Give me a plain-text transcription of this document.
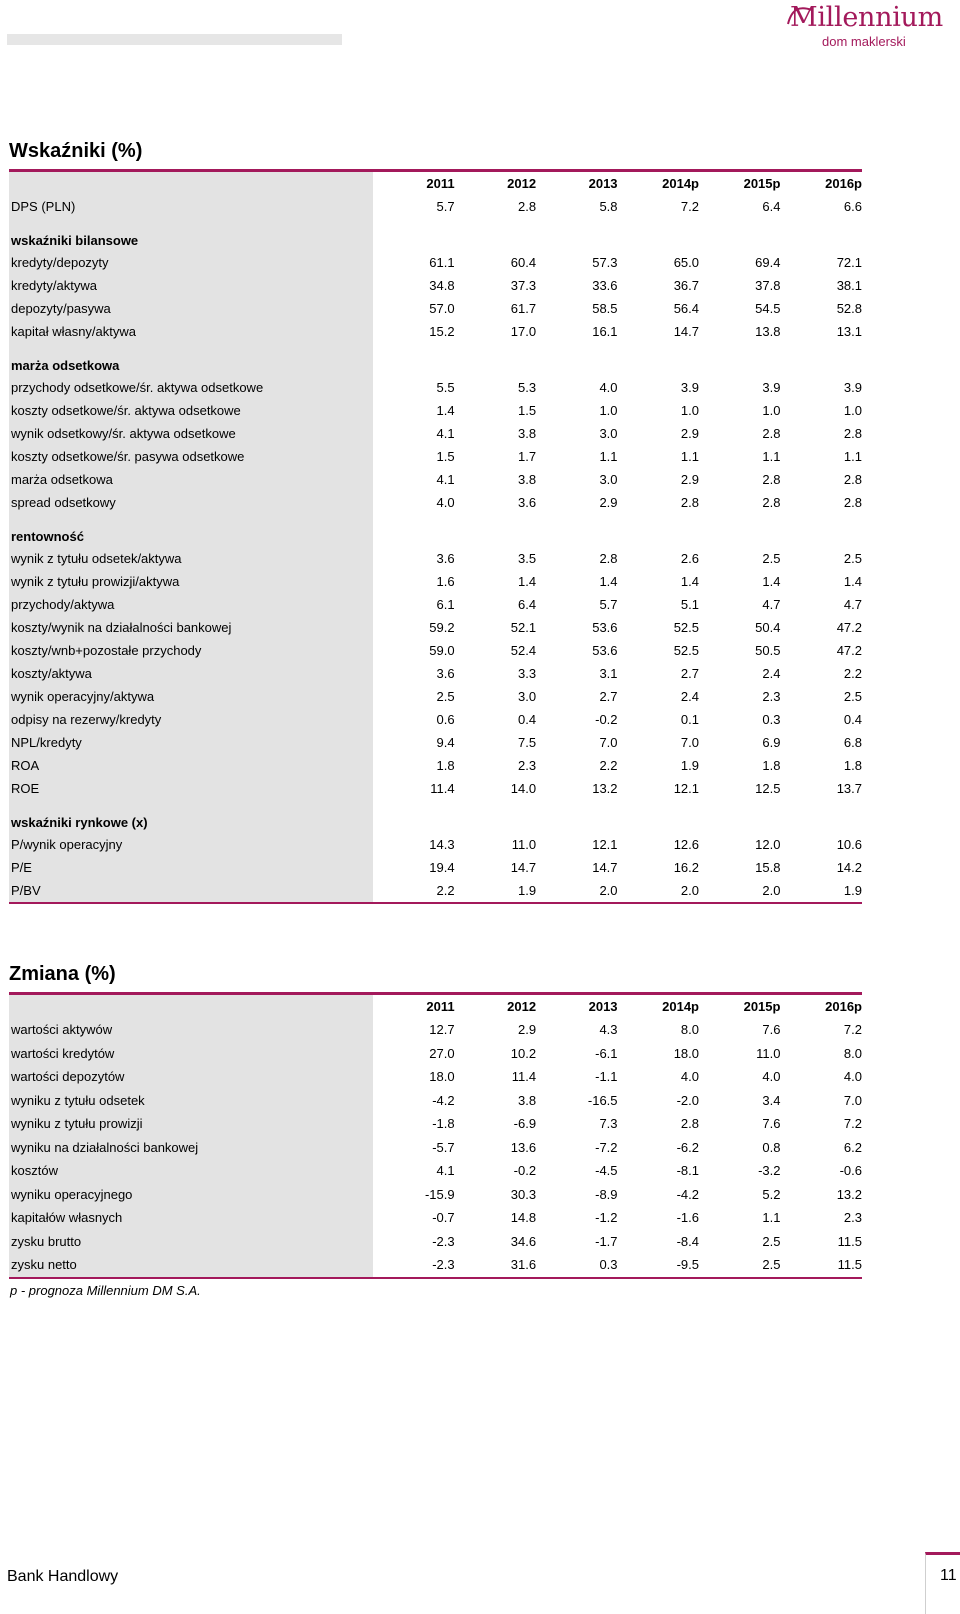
Millennium
dom maklerski
Wskaźniki (%)
	2011	2012	2013	2014p	2015p	2016p
DPS (PLN)	5.7	2.8	5.8	7.2	6.4	6.6
wskaźniki bilansowe						
kredyty/depozyty	61.1	60.4	57.3	65.0	69.4	72.1
kredyty/aktywa	34.8	37.3	33.6	36.7	37.8	38.1
depozyty/pasywa	57.0	61.7	58.5	56.4	54.5	52.8
kapitał własny/aktywa	15.2	17.0	16.1	14.7	13.8	13.1
marża odsetkowa						
przychody odsetkowe/śr. aktywa odsetkowe	5.5	5.3	4.0	3.9	3.9	3.9
koszty odsetkowe/śr. aktywa odsetkowe	1.4	1.5	1.0	1.0	1.0	1.0
wynik odsetkowy/śr. aktywa odsetkowe	4.1	3.8	3.0	2.9	2.8	2.8
koszty odsetkowe/śr. pasywa odsetkowe	1.5	1.7	1.1	1.1	1.1	1.1
marża odsetkowa	4.1	3.8	3.0	2.9	2.8	2.8
spread odsetkowy	4.0	3.6	2.9	2.8	2.8	2.8
rentowność						
wynik z tytułu odsetek/aktywa	3.6	3.5	2.8	2.6	2.5	2.5
wynik z tytułu prowizji/aktywa	1.6	1.4	1.4	1.4	1.4	1.4
przychody/aktywa	6.1	6.4	5.7	5.1	4.7	4.7
koszty/wynik na działalności bankowej	59.2	52.1	53.6	52.5	50.4	47.2
koszty/wnb+pozostałe przychody	59.0	52.4	53.6	52.5	50.5	47.2
koszty/aktywa	3.6	3.3	3.1	2.7	2.4	2.2
wynik operacyjny/aktywa	2.5	3.0	2.7	2.4	2.3	2.5
odpisy na rezerwy/kredyty	0.6	0.4	-0.2	0.1	0.3	0.4
NPL/kredyty	9.4	7.5	7.0	7.0	6.9	6.8
ROA	1.8	2.3	2.2	1.9	1.8	1.8
ROE	11.4	14.0	13.2	12.1	12.5	13.7
wskaźniki rynkowe (x)						
P/wynik operacyjny	14.3	11.0	12.1	12.6	12.0	10.6
P/E	19.4	14.7	14.7	16.2	15.8	14.2
P/BV	2.2	1.9	2.0	2.0	2.0	1.9
Zmiana (%)
	2011	2012	2013	2014p	2015p	2016p
wartości aktywów	12.7	2.9	4.3	8.0	7.6	7.2
wartości kredytów	27.0	10.2	-6.1	18.0	11.0	8.0
wartości depozytów	18.0	11.4	-1.1	4.0	4.0	4.0
wyniku z tytułu odsetek	-4.2	3.8	-16.5	-2.0	3.4	7.0
wyniku z tytułu prowizji	-1.8	-6.9	7.3	2.8	7.6	7.2
wyniku na działalności bankowej	-5.7	13.6	-7.2	-6.2	0.8	6.2
kosztów	4.1	-0.2	-4.5	-8.1	-3.2	-0.6
wyniku operacyjnego	-15.9	30.3	-8.9	-4.2	5.2	13.2
kapitałów własnych	-0.7	14.8	-1.2	-1.6	1.1	2.3
zysku brutto	-2.3	34.6	-1.7	-8.4	2.5	11.5
zysku netto	-2.3	31.6	0.3	-9.5	2.5	11.5
p - prognoza Millennium DM S.A.
Bank Handlowy	11
